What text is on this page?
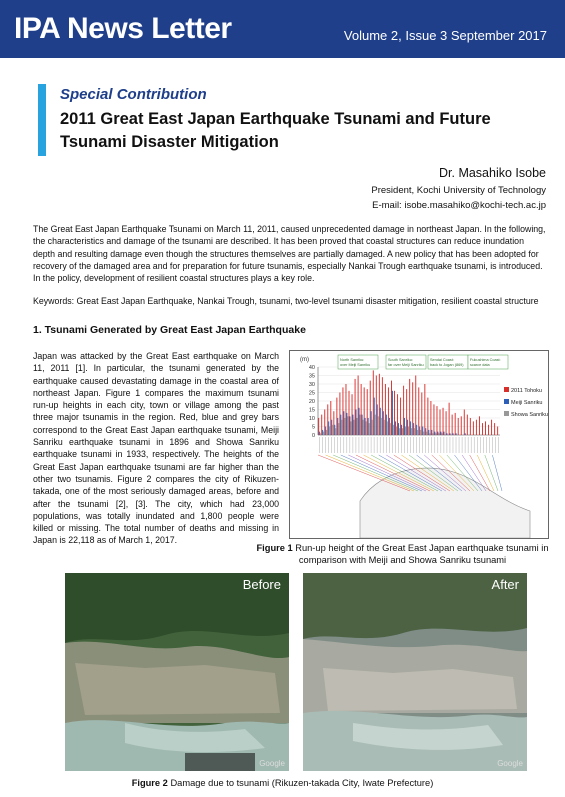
IPA News Letter	Volume 2, Issue 3 September 2017
Special Contribution
2011 Great East Japan Earthquake Tsunami and Future Tsunami Disaster Mitigation
Dr. Masahiko Isobe
President, Kochi University of Technology
E-mail: isobe.masahiko@kochi-tech.ac.jp
The Great East Japan Earthquake Tsunami on March 11, 2011, caused unprecedented damage in northeast Japan. In the following, the characteristics and damage of the tsunami are described. It has been proved that coastal structures can reduce inundation depth and resulting damage even though the structures themselves are partially damaged. A new policy that has been adopted for recovery of the damaged area and for preparation for future tsunamis, especially Nankai Trough earthquake tsunami, is introduced. In the policy, development of resilient coastal structures plays a key role.
Keywords: Great East Japan Earthquake, Nankai Trough, tsunami, two-level tsunami disaster mitigation, resilient coastal structure
1. Tsunami Generated by Great East Japan Earthquake
Japan was attacked by the Great East earthquake on March 11, 2011 [1]. In particular, the tsunami generated by the earthquake caused devastating damage in the coastal area of northeast Japan. Figure 1 compares the maximum tsunami run-up heights in each city, town or village among the past three major tsunamis in the region. Red, blue and grey bars correspond to the Great East Japan earthquake tsunami, Meiji Sanriku earthquake tsunami in 1896 and Showa Sanriku earthquake tsunami in 1933, respectively. The heights of the Great East Japan earthquake tsunami are far higher than the other two tsunamis. Figure 2 compares the city of Rikuzen-takada, one of the most seriously damaged areas, before and after the tsunami [2], [3]. The city, which had 23,000 populations, was totally inundated and 1,800 people were killed or missing. The total number of deaths and missing in Japan is 22,118 as of March 1, 2017.
(m)
0
5
10
15
20
25
30
35
40
North Sanriku:
over Meiji Sanriku
South Sanriku:
far over Meiji Sanriku
Sendai Coast:
back to Jogan (869)
Fukushima Coast:
scarce data
2011 Tohoku
Meiji Sanriku
Showa Sanriku
Figure 1 Run-up height of the Great East Japan earthquake tsunami in comparison with Meiji and Showa Sanriku tsunami
Before
Google
After
Google
Figure 2 Damage due to tsunami (Rikuzen-takada City, Iwate Prefecture)
